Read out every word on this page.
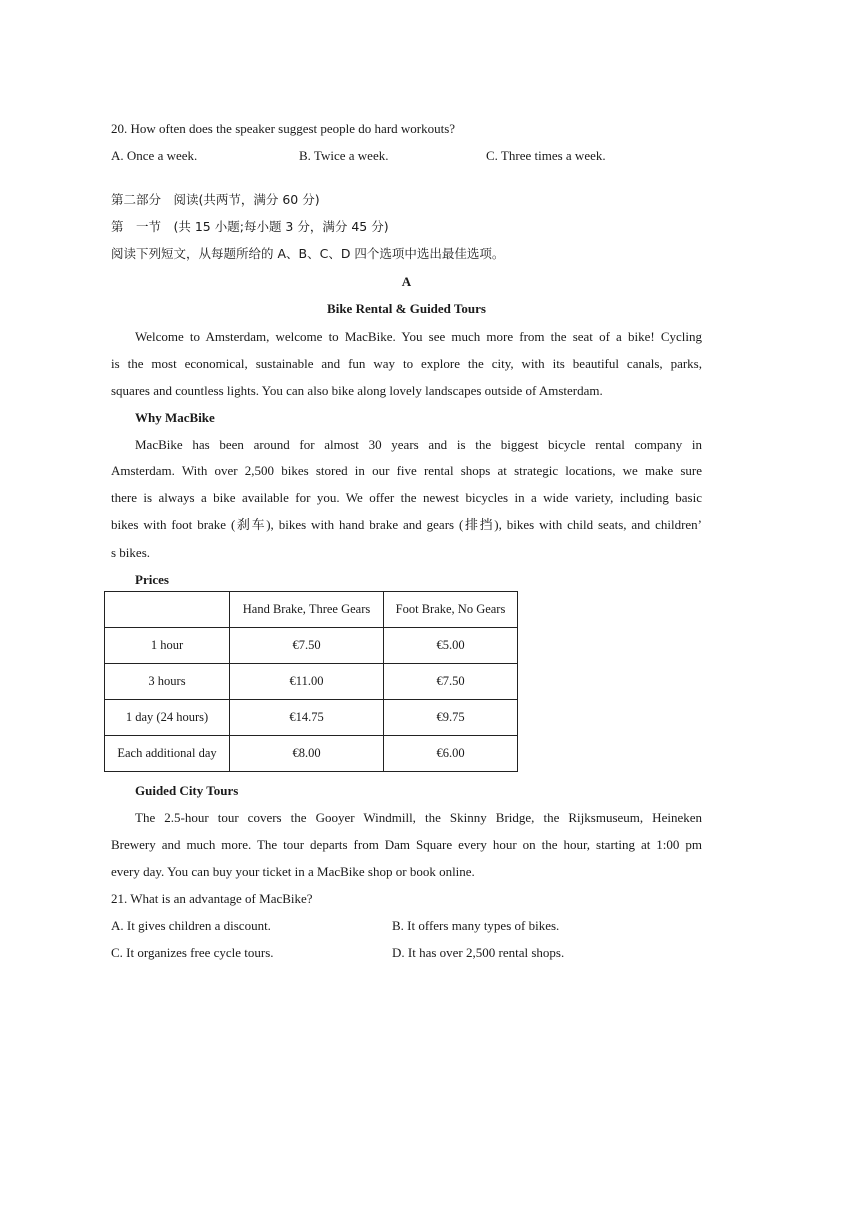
20. How often does the speaker suggest people do hard workouts?
A. Once a week.	B. Twice a week.	C. Three times a week.
第二部分　阅读(共两节，满分 60 分)
第　一节　(共 15 小题;每小题 3 分，满分 45 分)
阅读下列短文，从每题所给的 A、B、C、D 四个选项中选出最佳选项。
A
Bike Rental & Guided Tours
Welcome to Amsterdam, welcome to MacBike. You see much more from the seat of a bike! Cycling
is the most economical, sustainable and fun way to explore the city, with its beautiful canals, parks,
squares and countless lights. You can also bike along lovely landscapes outside of Amsterdam.
Why MacBike
MacBike has been around for almost 30 years and is the biggest bicycle rental company in
Amsterdam. With over 2,500 bikes stored in our five rental shops at strategic locations, we make sure
there is always a bike available for you. We offer the newest bicycles in a wide variety, including basic
bikes with foot brake (刹车), bikes with hand brake and gears (排挡), bikes with child seats, and children’
s bikes.
Prices
	Hand Brake, Three Gears	Foot Brake, No Gears
1 hour	€7.50	€5.00
3 hours	€11.00	€7.50
1 day (24 hours)	€14.75	€9.75
Each additional day	€8.00	€6.00
Guided City Tours
The 2.5-hour tour covers the Gooyer Windmill, the Skinny Bridge, the Rijksmuseum, Heineken
Brewery and much more. The tour departs from Dam Square every hour on the hour, starting at 1:00 pm
every day. You can buy your ticket in a MacBike shop or book online.
21. What is an advantage of MacBike?
A. It gives children a discount.	B. It offers many types of bikes.
C. It organizes free cycle tours.	D. It has over 2,500 rental shops.
